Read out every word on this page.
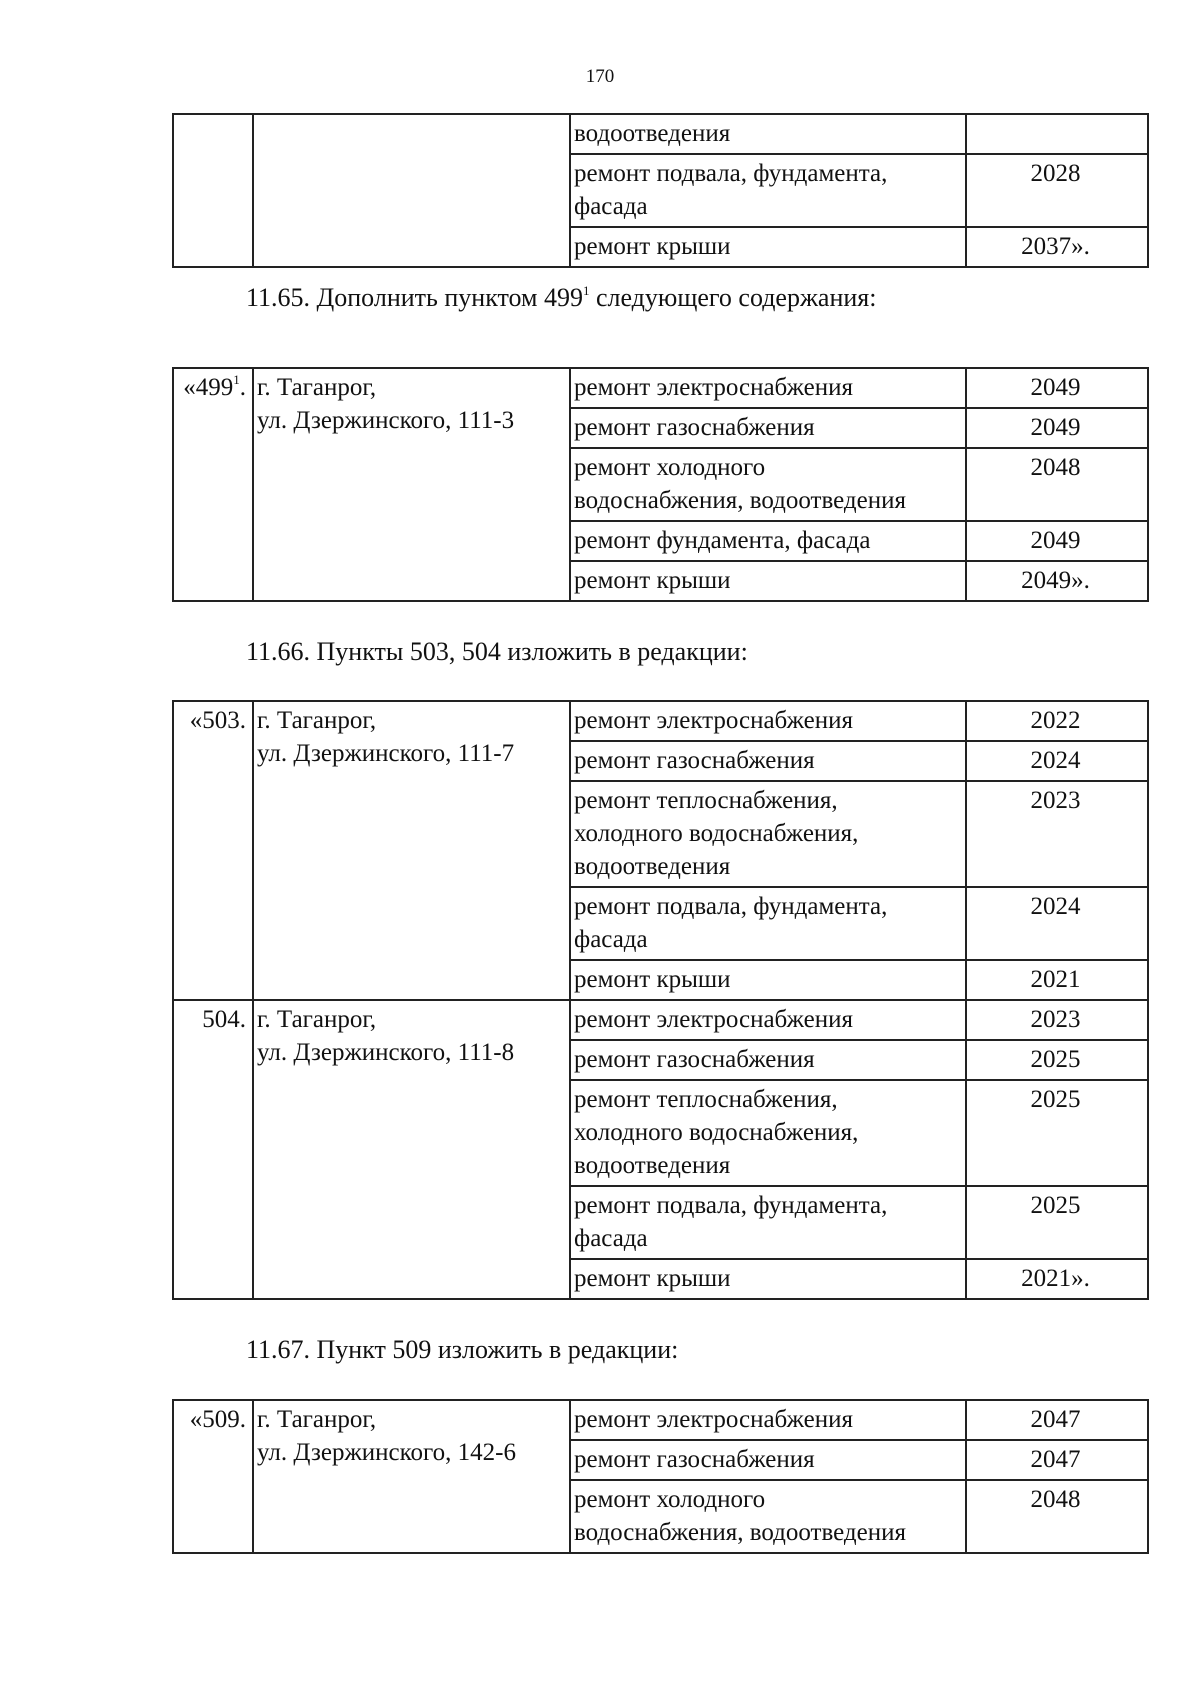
170
		водоотведения	
		ремонт подвала, фундамента,
фасада	2028
		ремонт крыши	2037».

11.65. Дополнить пунктом $499^1$ следующего содержания:

«$499^1$.	г. Таганрог,
ул. Дзержинского, 111-3	ремонт электроснабжения	2049
		ремонт газоснабжения	2049
		ремонт холодного
водоснабжения, водоотведения	2048
		ремонт фундамента, фасада	2049
		ремонт крыши	2049».

11.66. Пункты 503, 504 изложить в редакции:

«503.	г. Таганрог,
ул. Дзержинского, 111-7	ремонт электроснабжения	2022
		ремонт газоснабжения	2024
		ремонт теплоснабжения,
холодного водоснабжения,
водоотведения	2023
		ремонт подвала, фундамента,
фасада	2024
		ремонт крыши	2021
504.	г. Таганрог,
ул. Дзержинского, 111-8	ремонт электроснабжения	2023
		ремонт газоснабжения	2025
		ремонт теплоснабжения,
холодного водоснабжения,
водоотведения	2025
		ремонт подвала, фундамента,
фасада	2025
		ремонт крыши	2021».

11.67. Пункт 509 изложить в редакции:

«509.	г. Таганрог,
ул. Дзержинского, 142-6	ремонт электроснабжения	2047
		ремонт газоснабжения	2047
		ремонт холодного
водоснабжения, водоотведения	2048
